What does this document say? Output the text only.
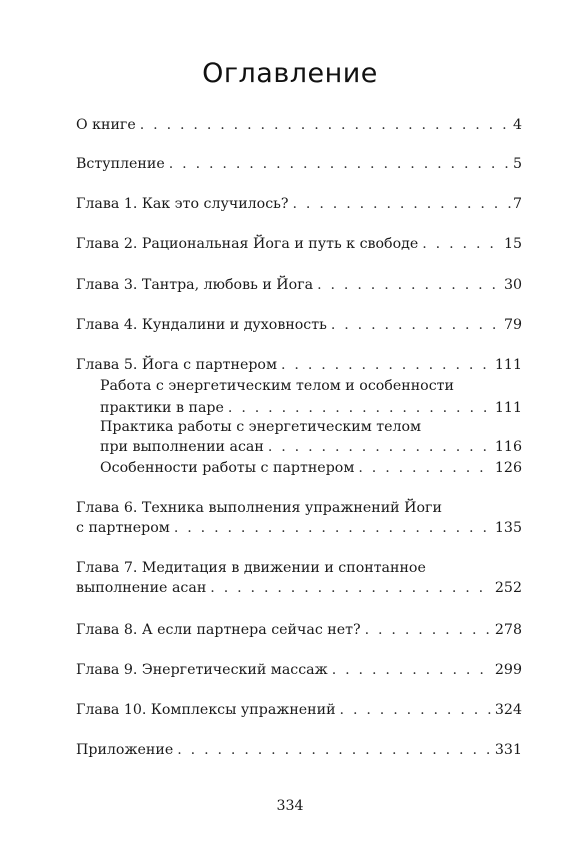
Оглавление
О книге . . .	4
Вступление . . .	5
Глава 1. Как это случилось? . . .	7
Глава 2. Рациональная Йога и путь к свободе . . .	15
Глава 3. Тантра, любовь и Йога . . .	30
Глава 4. Кундалини и духовность . . .	79
Глава 5. Йога с партнером . . .	111
Работа с энергетическим телом и особенности
практики в паре . . .	111
Практика работы с энергетическим телом
при выполнении асан . . .	116
Особенности работы с партнером . . .	126
Глава 6. Техника выполнения упражнений Йоги
с партнером . . .	135
Глава 7. Медитация в движении и спонтанное
выполнение асан . . .	252
Глава 8. А если партнера сейчас нет? . . .	278
Глава 9. Энергетический массаж . . .	299
Глава 10. Комплексы упражнений . . .	324
Приложение . . .	331
334
